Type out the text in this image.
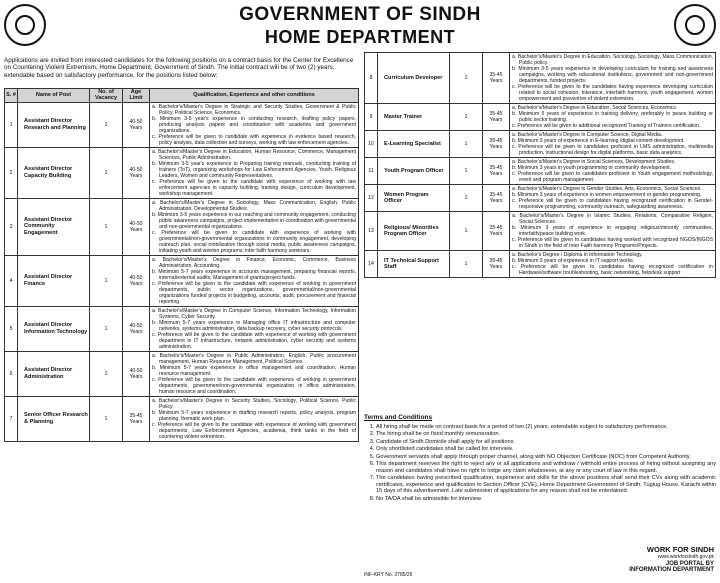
GOVERNMENT OF SINDH
HOME DEPARTMENT
Applications are invited from interested candidates for the following positions on a contract basis for the Center for Excellence on Countering Violent Extremism, Home Department, Government of Sindh. The initial contract will be of two (2) years, extendable based on satisfactory performance, for the positions listed below:
S. #	Name of Post	No. of Vacancy	Age Limit	Qualification, Experience and other conditions
1	Assistant Director Research and Planning	1	40-50 Years	a. Bachelor's/Master's Degree in Strategic and Security Studies, Government & Public Policy, Political Science, Economics.

b. Minimum 3-5 year's experience in conducting research, drafting policy papers, producing analysis papers and coordination with academia and government organizations.

c. Preference will be given to candidate with experience in evidence based research, policy analysis, data collection and surveys, working with law enforcement agencies.

2	Assistant Director Capacity Building	1	40-50 Years	a. Bachelor's/Master's Degree in Education, Human Resource, Commerce, Management Sciences, Public Administration.

b. Minimum 3-5 year's experience in Preparing training manuals, conducting training of trainers (ToT), organizing workshops for Law Enforcement Agencies, Youth, Religious Leaders, Women and community Representatives.

c. Preference will be given to the candidate with experience of working with law enforcement agencies in capacity building, training design, curriculum development, workshop management.

3	Assistant Director Community Engagement	1	40-50 Years	a. Bachelor's/Master's Degree in Sociology, Mass Communication, English, Public Administration, Developmental Studies.

b. Minimum 3-5 years experience in our reaching and community engagement, conducting public awareness campaigns, project implementation in coordination with governmental and non-governmental organizations.

c. Preference will be given to candidate with experience of working with governmental/non-governmental organizations in community engagement, developing outreach plan, social mobilization through social media, public awareness campaigns, initiating youth and women programs, inter faith harmony seminars.

4	Assistant Director Finance	1	40-50 Years	a. Bachelor's/Master's Degree in Finance, Economic, Commerce, Business Administration, Accounting.

b. Minimum 5-7 years experience in accounts management, preparing financial reports, internal/external audits, Management of grants/project funds.

c. Preference will be given to the candidate with experience of working in government departments, public sector organizations, governmental/non-governmental organizations funded projects in budgeting, accounts, audit, procurement and financial reporting.

5	Assistant Director Information Technology	1	40-50 Years	a. Bachelor's/Master's Degree in Computer Science, Information Technology, Information Systems, Cyber Security.

b. Minimum 5-7 years experience in Managing office IT infrastructure and computer networks, systems administration, data backup recovery, cyber security protocols.

c. Preference will be given to the candidate with experience of working with government department in IT infrastructure, network administration, cyber security and systems administration.

6	Assistant Director Administration	1	40-50 Years	a. Bachelor's/Master's Degree in Public Administration, English, Public procurement management, Human Resource Management, Political Science.

b. Minimum 5-7 years experience in office management and coordination, Human resource management.

c. Preference will be given to the candidate with experience of working in government departments, government/non-governmental organization in office administration, human resource and coordination.

7	Senior Officer Research & Planning	1	35-45 Years	a. Bachelor's/Master's Degree in Security Studies, Sociology, Political Science, Public Policy.

b. Minimum 5-7 years experience in drafting research reports, policy analysis, program planning, thematic work plan.

c. Preference will be given to the candidate with experience of working with government departments, Law Enforcement Agencies, academia, think tanks in the field of countering violent extremism.

8	Curriculum Developer	1	35-45 Years	a. Bachelor's/Master's Degree in Education, Sociology, Sociology, Mass Communication, Public policy.

b. Minimum 3-5 years experience in developing curriculum for training and awareness campaigns, working with educational institutions, government and non-government departments, funded projects.

c. Preference will be given to the candidates having experience developing curriculum related to social cohesion, tolerance, interfaith harmony, youth engagement, women empowerment and prevention of violent extremism.

9	Master Trainer	1	35-45 Years	a. Bachelor's/Master's Degree in Education, Social Sciences, Economics.

b. Minimum 5 years of experience in training delivery, preferably in peace building or public sector training.

c. Preference will be given to additional recognized Training of Trainers certification.

10	E-Learning Specialist	1	35-45 Years	a. Bachelor's/Master's Degree in Computer Science, Digital Media.

b. Minimum 3 years of experience in E-learning /digital content development.

c. Preference will be given to candidates proficient in LMS administration, multimedia production, instructional design for digital platforms, basic data analytics.

11	Youth Program Officer	1	35-45 Years	a. Bachelor's/Master's Degree in Social Sciences, Development Studies.

b. Minimum 3 years in youth programming or community development.

c. Preference will be given to candidates proficient in Youth engagement methodology, event and program management.

12	Women Program Officer	1	35-45 Years	a. Bachelor's/Master's Degree in Gender Studies, Arts, Economics, Social Sciences.

b. Minimum 3 years of experience in women empowerment or gender programming.

c. Preference will be given to candidates having recognized certification in Gender-responsive programming, community outreach, safeguarding awareness.

13	Religious/ Minorities Program Officer	1	35-45 Years	a. Bachelor's/Master's Degree in Islamic Studies, Relations, Comparative Religion, Social Sciences.

b. Minimum 3 years of experience in engaging religious/minority communities, interfaith/peace building work.

c. Preference will be given to candidates having worked with recognized NGOS/INGOS in Sindh in the field of Inter Faith harmony Programs/Projects.

14	IT Technical Support Staff	1	35-45 Years	a. Bachelor's Degree / Diploma in Information Technology.

b. Minimum 3 years of experience in IT support works.

c. Preference will be given to candidates having recognized certification in Hardware/software troubleshooting, basic networking, helpdesk support

Terms and Conditions
1. All hiring shall be made on contract basis for a period of two (2) years, extendable subject to satisfactory performance.
2. The hiring shall be on fixed monthly remuneration.
3. Candidate of Sindh Domicile shall apply for all positions.
4. Only shortlisted candidates shall be called for interview.
5. Government servants shall apply through proper channel, along with NO Objection Certificate (NOC) from Competent Authority.
6. This department reserves the right to reject any or all applications and withdraw / withhold entire process of hiring without assigning any reason and candidates shall have no right to lodge any claim whatsoever, at any or any court of law in this regard.
7. The candidates having prescribed qualification, experience and skills for the above positions shall send their CVs along with academic certificates, experience and qualification to Section Officer (CVE), Home Department Government of Sindh, Tuglug House, Karachi within 15 days of this advertisement. Late submission of applications for any reason shall not be entertained.
8. No TA/DA shall be admissible for interview.
INF-KRY No. 3785/26
WORK FOR SINDH
www.workforsindh.gov.pk
JOB PORTAL BY
INFORMATION DEPARTMENT
